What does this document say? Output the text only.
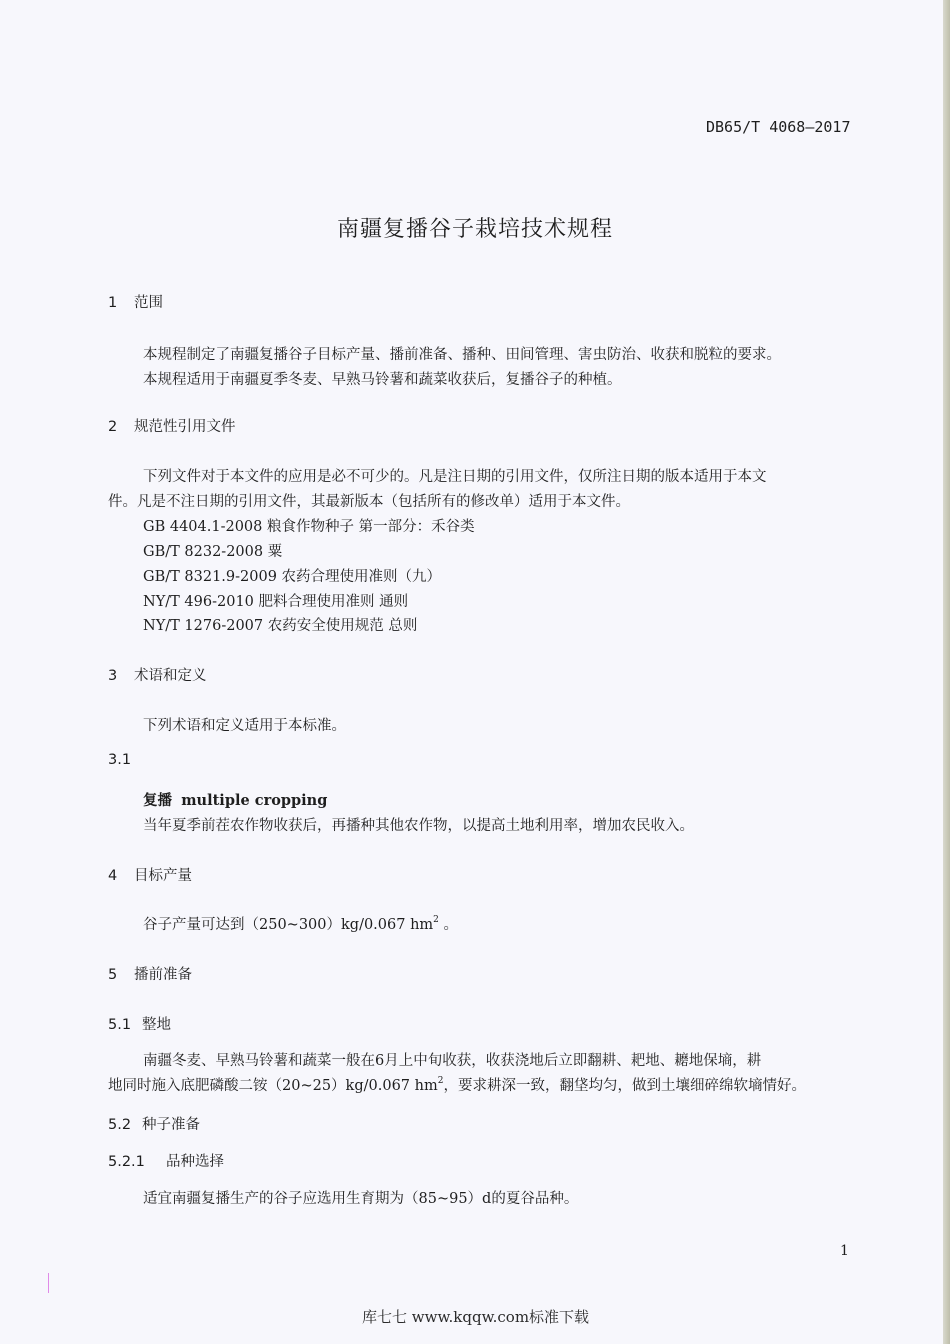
DB65/T 4068—2017
南疆复播谷子栽培技术规程
1 范围
本规程制定了南疆复播谷子目标产量、播前准备、播种、田间管理、害虫防治、收获和脱粒的要求。
本规程适用于南疆夏季冬麦、早熟马铃薯和蔬菜收获后，复播谷子的种植。
2 规范性引用文件
下列文件对于本文件的应用是必不可少的。凡是注日期的引用文件，仅所注日期的版本适用于本文
件。凡是不注日期的引用文件，其最新版本（包括所有的修改单）适用于本文件。
GB 4404.1-2008 粮食作物种子 第一部分：禾谷类
GB/T 8232-2008 粟
GB/T 8321.9-2009 农药合理使用准则（九）
NY/T 496-2010 肥料合理使用准则 通则
NY/T 1276-2007 农药安全使用规范 总则
3 术语和定义
下列术语和定义适用于本标准。
3.1
复播 multiple cropping
当年夏季前茬农作物收获后，再播种其他农作物，以提高土地利用率，增加农民收入。
4 目标产量
谷子产量可达到（250~300）kg/0.067 $hm^2$ 。
5 播前准备
5.1 整地
南疆冬麦、早熟马铃薯和蔬菜一般在6月上中旬收获，收获浇地后立即翻耕、耙地、耱地保墒，耕
地同时施入底肥磷酸二铵（20~25）kg/0.067 $hm^2$，要求耕深一致，翻垡均匀，做到土壤细碎绵软墒情好。
5.2 种子准备
5.2.1 品种选择
适宜南疆复播生产的谷子应选用生育期为（85~95）d的夏谷品种。
1
库七七 www.kqqw.com标准下载
